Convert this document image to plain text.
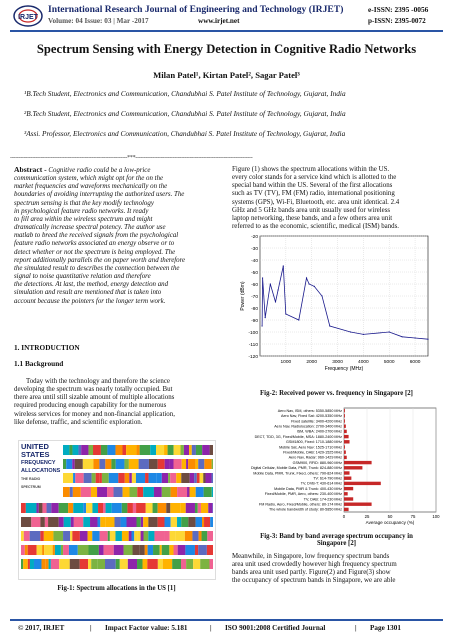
IRJET
International Research Journal of Engineering and Technology (IRJET)	e-ISSN: 2395 -0056
Volume: 04 Issue: 03 | Mar -2017	www.irjet.net	p-ISSN: 2395-0072
Spectrum Sensing with Energy Detection in Cognitive Radio Networks
Milan Patel¹, Kirtan Patel², Sagar Patel³
¹B.Tech Student, Electronics and Communication, Chandubhai S. Patel Institute of Technology, Gujarat, India
²B.Tech Student, Electronics and Communication, Chandubhai S. Patel Institute of Technology, Gujarat, India
³Assi. Professor, Electronics and Communication, Chandubhai S. Patel Institute of Technology, Gujarat, India
---------------------------------------------------------------------***---------------------------------------------------------------------
Abstract - Cognitive radio could be a low-price
communication system, which might opt for the on the
market frequencies and waveforms mechanically on the
boundaries of avoiding interrupting the authorized users. The
spectrum sensing is that the key modify technology
in psychological feature radio networks. It ready
to fill area within the wireless spectrum and might
dramatically increase spectral potency. The author use
matlab to breed the received signals from the psychological
feature radio networks associated an energy observe or to
detect whether or not the spectrum is being employed. The
report additionally parallels the on paper worth and therefore
the simulated result to describes the connection between the
signal to noise quantitative relation and therefore
the detections. At last, the method, energy detection and
simulation and result are mentioned that is taken into
account because the pointers for the longer term work.
1. INTRODUCTION
1.1 Background
Today with the technology and therefore the science
developing the spectrum was nearly totally occupied. But
there area until still sizable amount of multiple allocations
required producing enough capability for the numerous
wireless services for money and non-financial application,
like defense, traffic, and scientific exploration.
UNITED
STATES
FREQUENCY
ALLOCATIONS
THE RADIO SPECTRUM
Fig-1: Spectrum allocations in the US [1]
Figure (1) shows the spectrum allocations within the US.
every color stands for a service kind which is allotted to the
special band within the US. Several of the first allocations
such as TV (TV), FM (FM) radio, international positioning
systems (GPS), Wi-Fi, Bluetooth, etc. area unit identical. 2.4
GHz and 5 GHz bands area unit usually used for wireless
laptop networking, these bands, and a few others area unit
referred to as the economic, scientific, medical (ISM) bands.
-20
-30
-40
-50
-60
-70
-80
-90
-100
-110
-120
1000	2000	3000	4000	5000	6000
Frequency (MHz)
Power (dBm)
Fig-2: Received power vs. frequency in Singapore [2]
0	25	50	75	100
Aero Nav, ISM, others: 5350-5850 MHz
Aero Nav, Fixed Sat: 4200-5350 MHz
Fixed satellite: 3400-4200 MHz
Aero Nav, Radiolocation: 2700-3400 MHz
ISM, WBA: 2400-2700 MHz
DECT, TDD, 3G, Fixed/Mobile, MSA: 1880-2400 MHz
GSM1800, Fixed: 1710-1880 MHz
Mobile Sat, Aero Nav: 1525-1710 MHz
Fixed/Mobile, DAB: 1429-1525 MHz
Aero Nav, Radar: 960-1429 MHz
GSM900, RFID: 880-960 MHz
Digital Cellular, Mobile Data, PMR, Trunk: 824-880 MHz
Mobile Data, PMR, Trunk, Fixed, others: 790-824 MHz
TV: 614-790 MHz
TV, DVB-T: 430-614 MHz
Mobile Data, PMR & Trunk: 400-430 MHz
Fixed/Mobile, PMR, Aero, others: 230-400 MHz
TV, DAB: 174-230 MHz
FM Radio, Aero, Fixed/Mobile, others: 80-174 MHz
The whole bandwidth of study: 80-5850 MHz
Average occupancy (%)
Fig-3: Band by band average spectrum occupancy in
Singapore [2]
Meanwhile, in Singapore, low frequency spectrum bands
area unit used crowdedly however high frequency spectrum
bands area unit used partly. Figure(2) and Figure(3) show
the occupancy of spectrum bands in Singapore, we are able
© 2017, IRJET	| Impact Factor value: 5.181	| ISO 9001:2008 Certified Journal	| Page 1301
